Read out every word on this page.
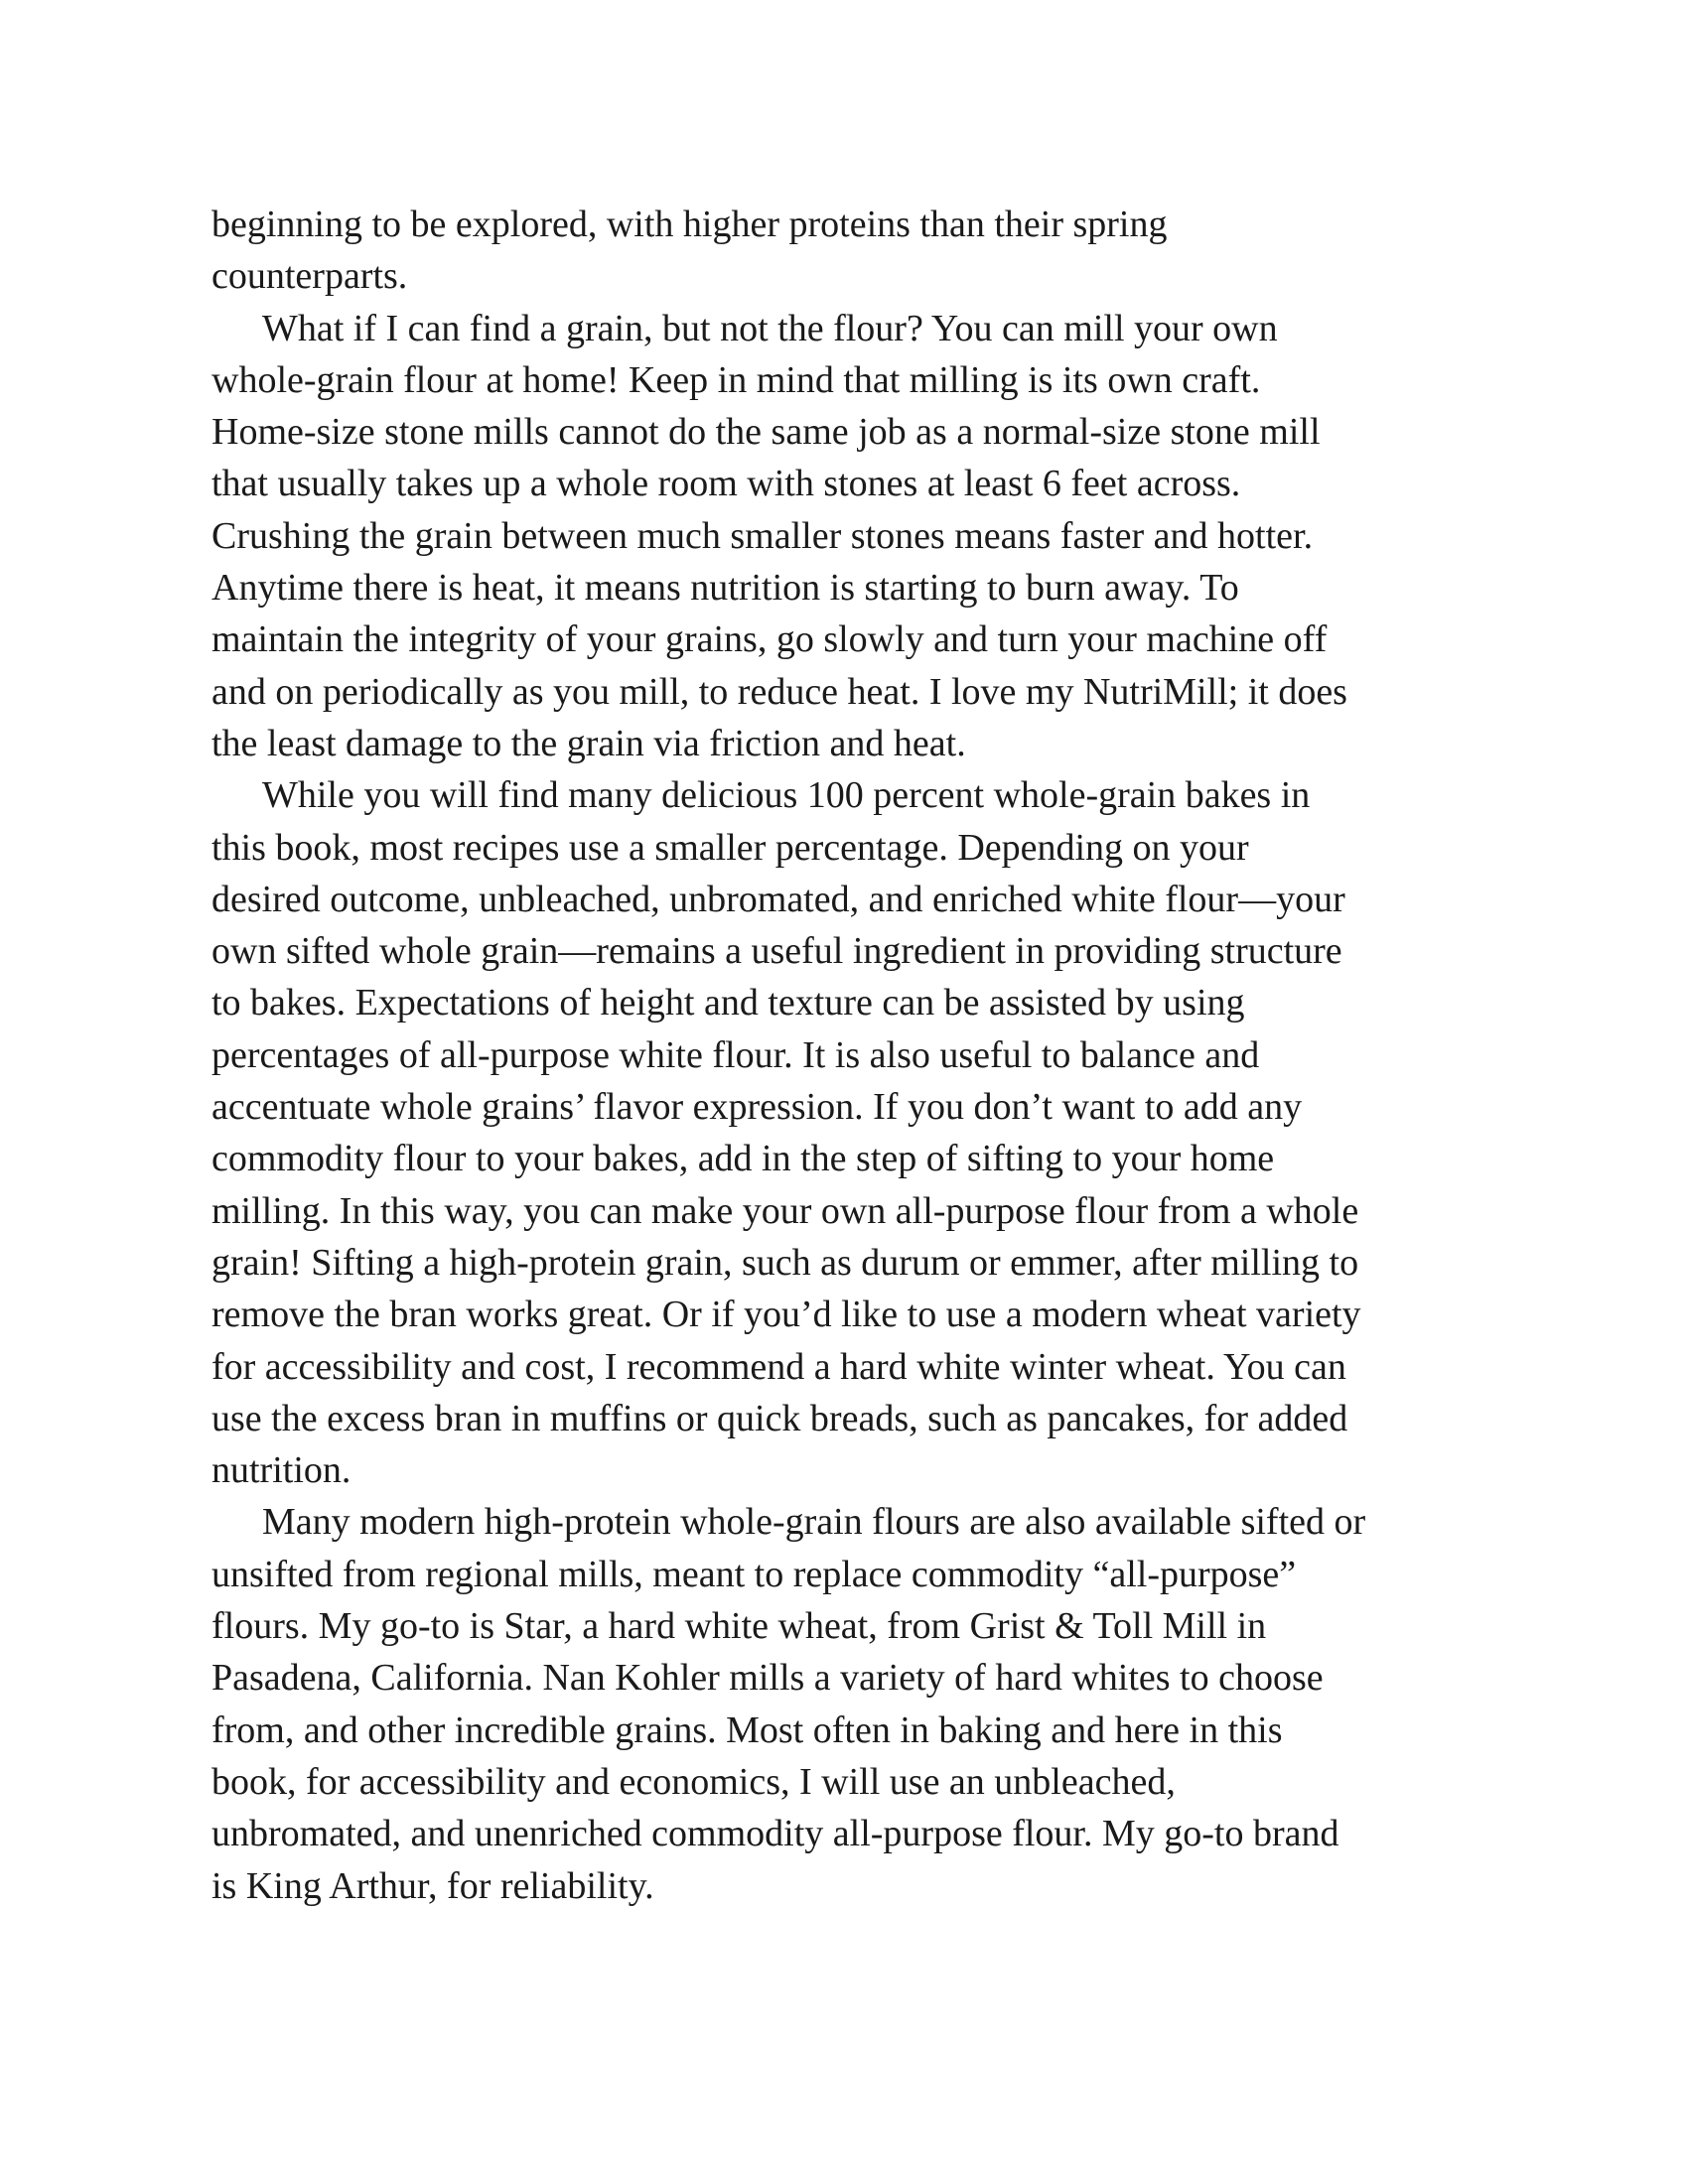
beginning to be explored, with higher proteins than their spring
counterparts.
What if I can find a grain, but not the flour? You can mill your own
whole-grain flour at home! Keep in mind that milling is its own craft.
Home-size stone mills cannot do the same job as a normal-size stone mill
that usually takes up a whole room with stones at least 6 feet across.
Crushing the grain between much smaller stones means faster and hotter.
Anytime there is heat, it means nutrition is starting to burn away. To
maintain the integrity of your grains, go slowly and turn your machine off
and on periodically as you mill, to reduce heat. I love my NutriMill; it does
the least damage to the grain via friction and heat.
While you will find many delicious 100 percent whole-grain bakes in
this book, most recipes use a smaller percentage. Depending on your
desired outcome, unbleached, unbromated, and enriched white flour—your
own sifted whole grain—remains a useful ingredient in providing structure
to bakes. Expectations of height and texture can be assisted by using
percentages of all-purpose white flour. It is also useful to balance and
accentuate whole grains’ flavor expression. If you don’t want to add any
commodity flour to your bakes, add in the step of sifting to your home
milling. In this way, you can make your own all-purpose flour from a whole
grain! Sifting a high-protein grain, such as durum or emmer, after milling to
remove the bran works great. Or if you’d like to use a modern wheat variety
for accessibility and cost, I recommend a hard white winter wheat. You can
use the excess bran in muffins or quick breads, such as pancakes, for added
nutrition.
Many modern high-protein whole-grain flours are also available sifted or
unsifted from regional mills, meant to replace commodity “all-purpose”
flours. My go-to is Star, a hard white wheat, from Grist & Toll Mill in
Pasadena, California. Nan Kohler mills a variety of hard whites to choose
from, and other incredible grains. Most often in baking and here in this
book, for accessibility and economics, I will use an unbleached,
unbromated, and unenriched commodity all-purpose flour. My go-to brand
is King Arthur, for reliability.
